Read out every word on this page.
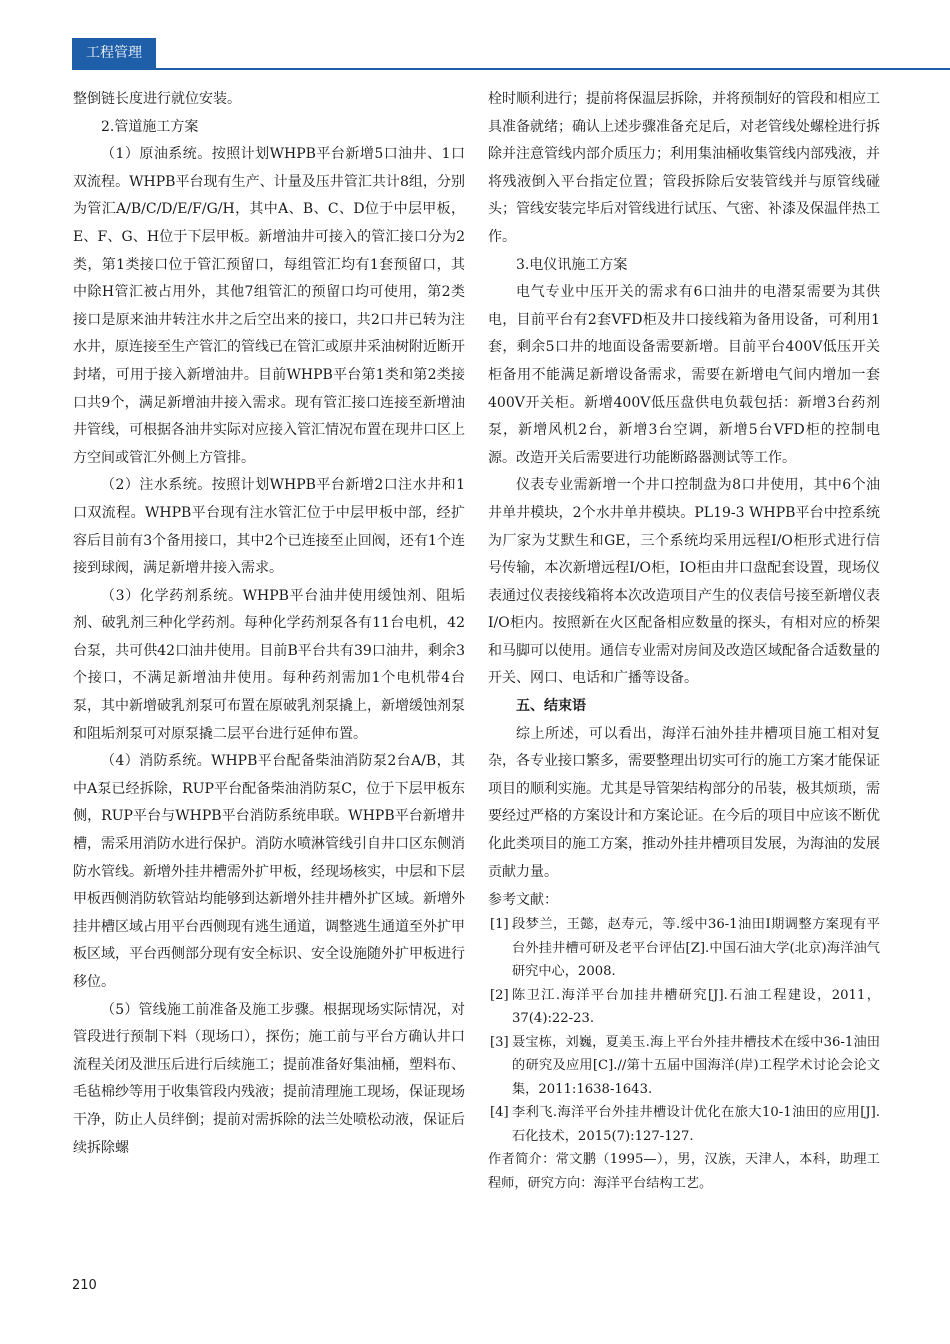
工程管理

整倒链长度进行就位安装。

2.管道施工方案

（1）原油系统。按照计划WHPB平台新增5口油井、1口双流程。WHPB平台现有生产、计量及压井管汇共计8组，分别为管汇A/B/C/D/E/F/G/H，其中A、B、C、D位于中层甲板，E、F、G、H位于下层甲板。新增油井可接入的管汇接口分为2类，第1类接口位于管汇预留口，每组管汇均有1套预留口，其中除H管汇被占用外，其他7组管汇的预留口均可使用，第2类接口是原来油井转注水井之后空出来的接口，共2口井已转为注水井，原连接至生产管汇的管线已在管汇或原井采油树附近断开封堵，可用于接入新增油井。目前WHPB平台第1类和第2类接口共9个，满足新增油井接入需求。现有管汇接口连接至新增油井管线，可根据各油井实际对应接入管汇情况布置在现井口区上方空间或管汇外侧上方管排。

（2）注水系统。按照计划WHPB平台新增2口注水井和1口双流程。WHPB平台现有注水管汇位于中层甲板中部，经扩容后目前有3个备用接口，其中2个已连接至止回阀，还有1个连接到球阀，满足新增井接入需求。

（3）化学药剂系统。WHPB平台油井使用缓蚀剂、阻垢剂、破乳剂三种化学药剂。每种化学药剂泵各有11台电机，42台泵，共可供42口油井使用。目前B平台共有39口油井，剩余3个接口，不满足新增油井使用。每种药剂需加1个电机带4台泵，其中新增破乳剂泵可布置在原破乳剂泵撬上，新增缓蚀剂泵和阻垢剂泵可对原泵撬二层平台进行延伸布置。

（4）消防系统。WHPB平台配备柴油消防泵2台A/B，其中A泵已经拆除，RUP平台配备柴油消防泵C，位于下层甲板东侧，RUP平台与WHPB平台消防系统串联。WHPB平台新增井槽，需采用消防水进行保护。消防水喷淋管线引自井口区东侧消防水管线。新增外挂井槽需外扩甲板，经现场核实，中层和下层甲板西侧消防软管站均能够到达新增外挂井槽外扩区域。新增外挂井槽区域占用平台西侧现有逃生通道，调整逃生通道至外扩甲板区域，平台西侧部分现有安全标识、安全设施随外扩甲板进行移位。

（5）管线施工前准备及施工步骤。根据现场实际情况，对管段进行预制下料（现场口），探伤；施工前与平台方确认井口流程关闭及泄压后进行后续施工；提前准备好集油桶，塑料布、毛毡棉纱等用于收集管段内残液；提前清理施工现场，保证现场干净，防止人员绊倒；提前对需拆除的法兰处喷松动液，保证后续拆除螺

栓时顺利进行；提前将保温层拆除，并将预制好的管段和相应工具准备就绪；确认上述步骤准备充足后，对老管线处螺栓进行拆除并注意管线内部介质压力；利用集油桶收集管线内部残液，并将残液倒入平台指定位置；管段拆除后安装管线并与原管线碰头；管线安装完毕后对管线进行试压、气密、补漆及保温伴热工作。

3.电仪讯施工方案

电气专业中压开关的需求有6口油井的电潜泵需要为其供电，目前平台有2套VFD柜及井口接线箱为备用设备，可利用1套，剩余5口井的地面设备需要新增。目前平台400V低压开关柜备用不能满足新增设备需求，需要在新增电气间内增加一套400V开关柜。新增400V低压盘供电负载包括：新增3台药剂泵，新增风机2台，新增3台空调，新增5台VFD柜的控制电源。改造开关后需要进行功能断路器测试等工作。

仪表专业需新增一个井口控制盘为8口井使用，其中6个油井单井模块，2个水井单井模块。PL19-3 WHPB平台中控系统为厂家为艾默生和GE，三个系统均采用远程I/O柜形式进行信号传输，本次新增远程I/O柜，IO柜由井口盘配套设置，现场仪表通过仪表接线箱将本次改造项目产生的仪表信号接至新增仪表I/O柜内。按照新在火区配备相应数量的探头，有相对应的桥架和马脚可以使用。通信专业需对房间及改造区域配备合适数量的开关、网口、电话和广播等设备。

五、结束语

综上所述，可以看出，海洋石油外挂井槽项目施工相对复杂，各专业接口繁多，需要整理出切实可行的施工方案才能保证项目的顺利实施。尤其是导管架结构部分的吊装，极其烦琐，需要经过严格的方案设计和方案论证。在今后的项目中应该不断优化此类项目的施工方案，推动外挂井槽项目发展，为海油的发展贡献力量。

参考文献：

[1] 段梦兰，王懿，赵寿元，等.绥中36-1油田Ⅰ期调整方案现有平台外挂井槽可研及老平台评估[Z].中国石油大学(北京)海洋油气研究中心，2008.
[2] 陈卫江.海洋平台加挂井槽研究[J].石油工程建设，2011，37(4):22-23.
[3] 聂宝栋，刘巍，夏美玉.海上平台外挂井槽技术在绥中36-1油田的研究及应用[C].//第十五届中国海洋(岸)工程学术讨论会论文集，2011:1638-1643.
[4] 李利飞.海洋平台外挂井槽设计优化在旅大10-1油田的应用[J].石化技术，2015(7):127-127.

作者简介：常文鹏（1995—），男，汉族，天津人，本科，助理工程师，研究方向：海洋平台结构工艺。

210
